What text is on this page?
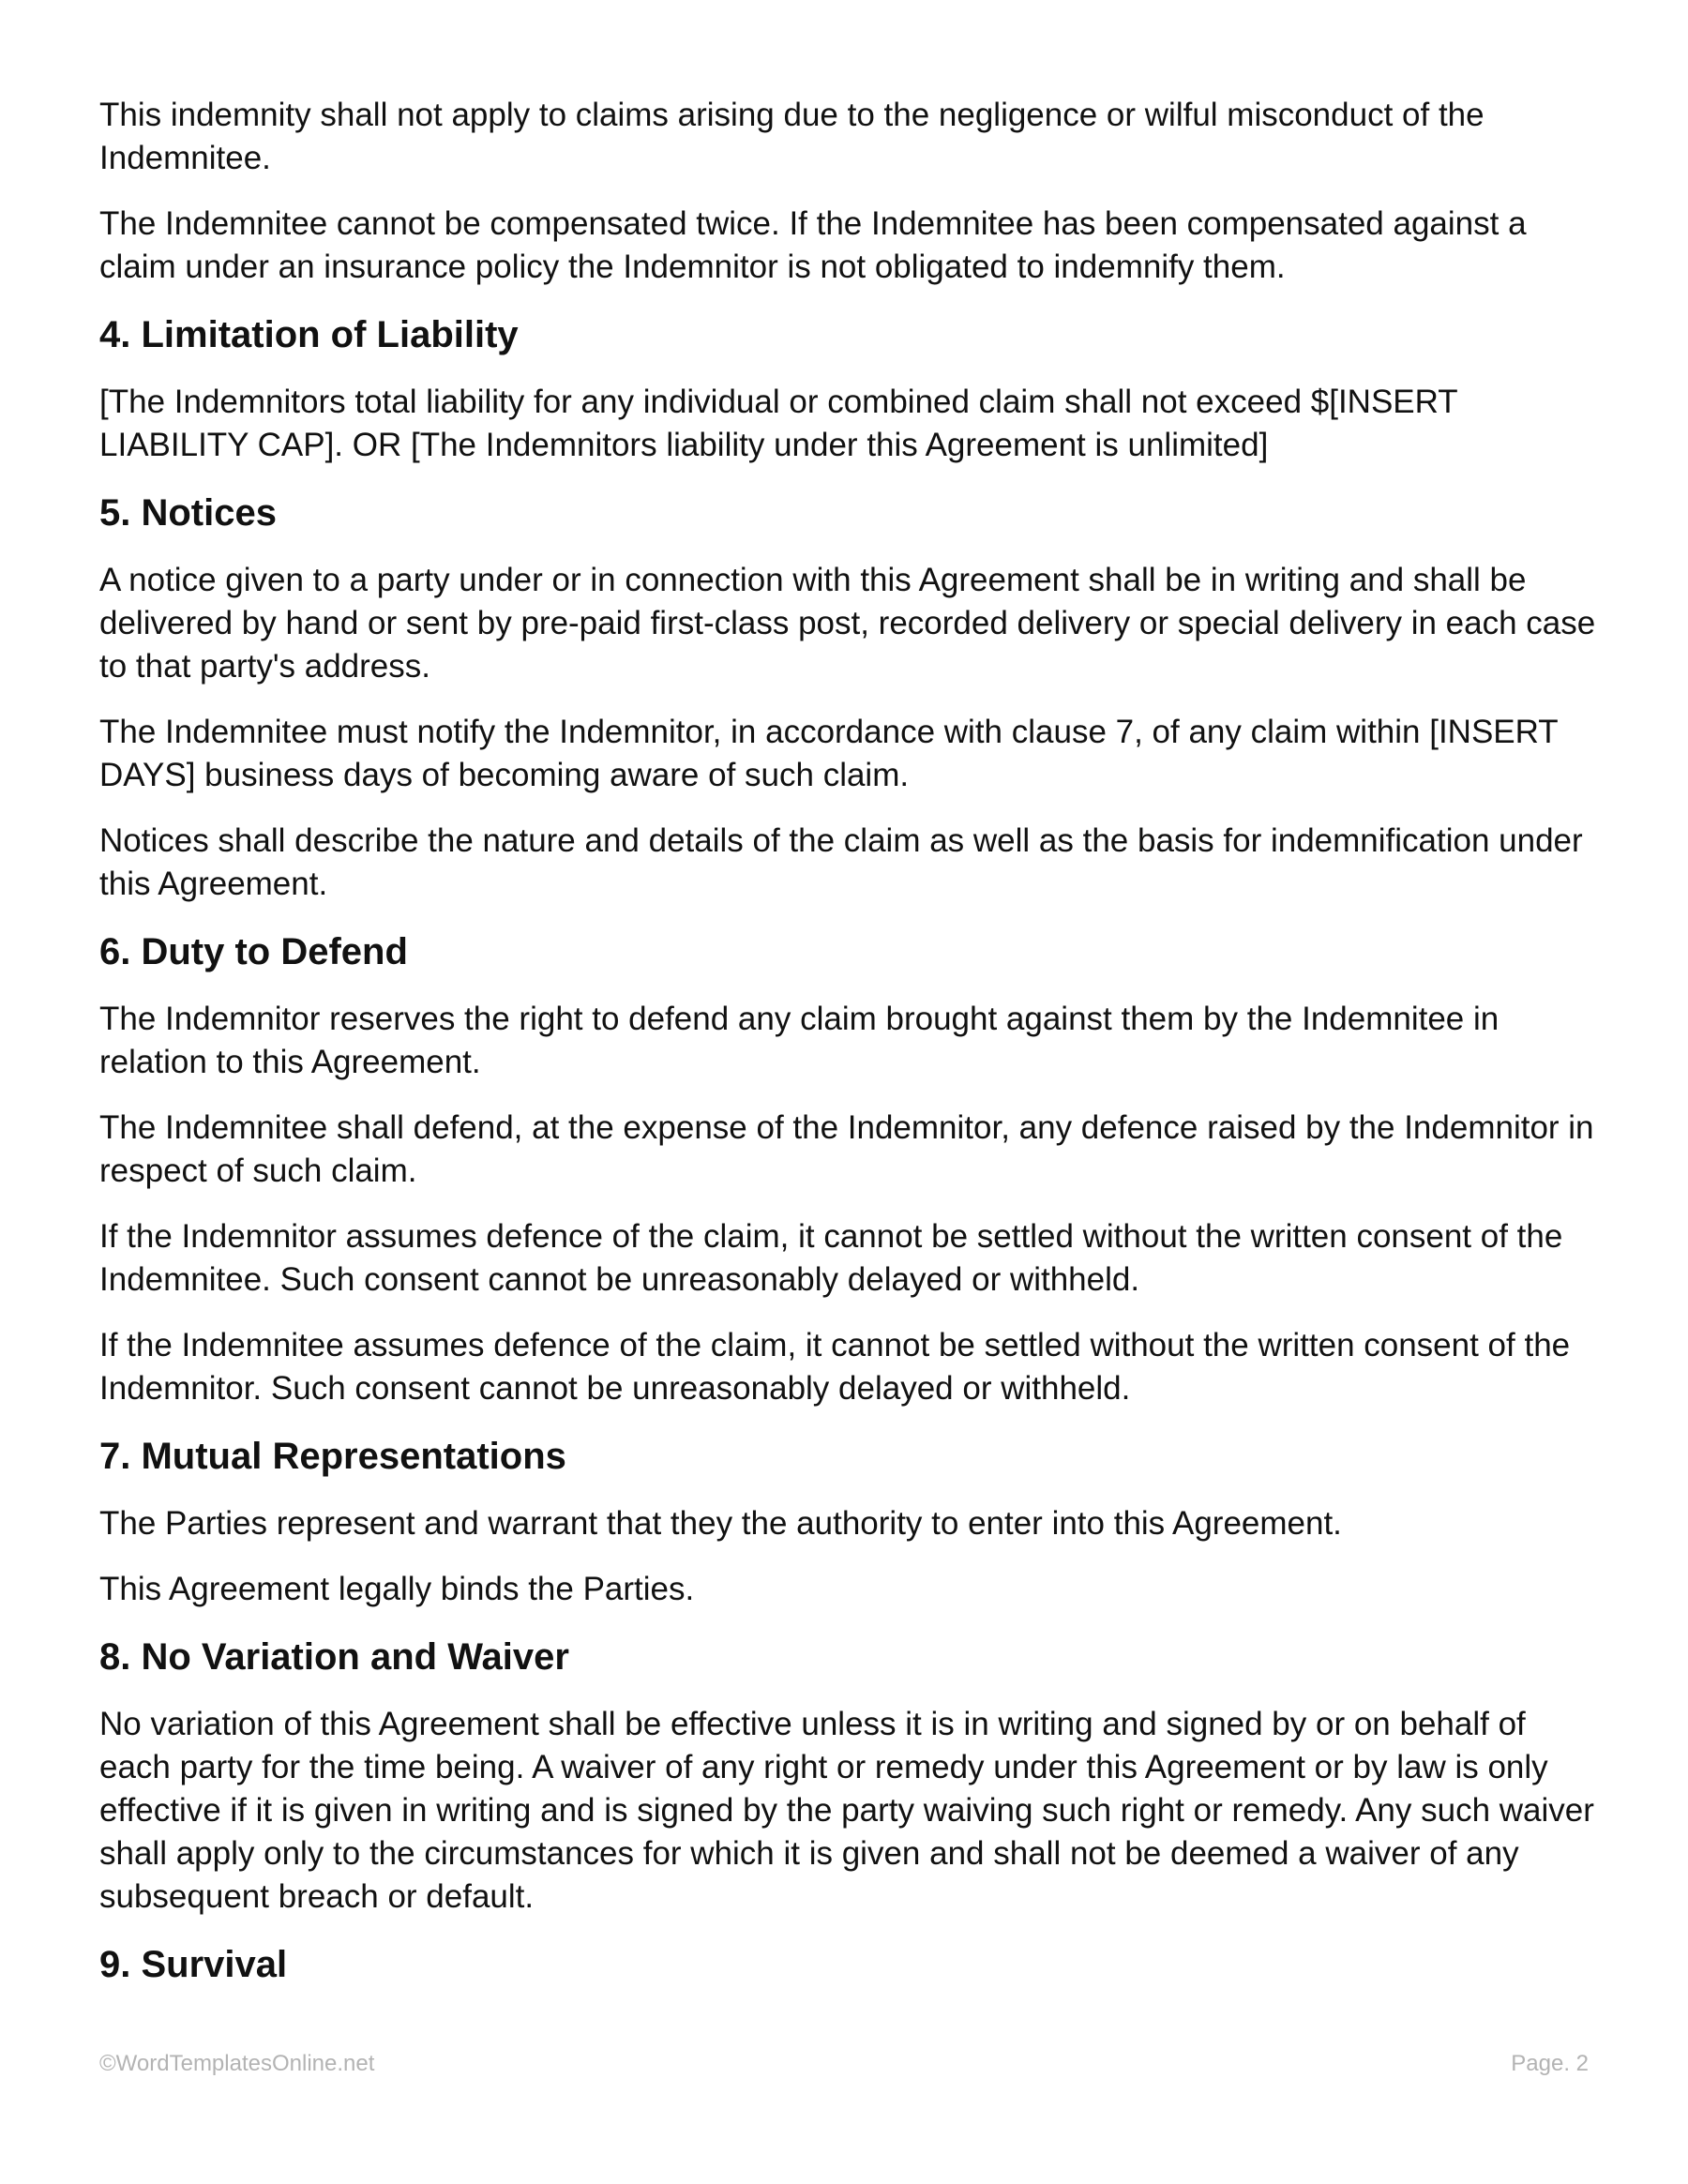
This indemnity shall not apply to claims arising due to the negligence or wilful misconduct of the Indemnitee.

The Indemnitee cannot be compensated twice. If the Indemnitee has been compensated against a claim under an insurance policy the Indemnitor is not obligated to indemnify them.

4. Limitation of Liability

[The Indemnitors total liability for any individual or combined claim shall not exceed $[INSERT LIABILITY CAP]. OR [The Indemnitors liability under this Agreement is unlimited]

5. Notices

A notice given to a party under or in connection with this Agreement shall be in writing and shall be delivered by hand or sent by pre-paid first-class post, recorded delivery or special delivery in each case to that party's address.

The Indemnitee must notify the Indemnitor, in accordance with clause 7, of any claim within [INSERT DAYS] business days of becoming aware of such claim.

Notices shall describe the nature and details of the claim as well as the basis for indemnification under this Agreement.

6. Duty to Defend

The Indemnitor reserves the right to defend any claim brought against them by the Indemnitee in relation to this Agreement.

The Indemnitee shall defend, at the expense of the Indemnitor, any defence raised by the Indemnitor in respect of such claim.

If the Indemnitor assumes defence of the claim, it cannot be settled without the written consent of the Indemnitee. Such consent cannot be unreasonably delayed or withheld.

If the Indemnitee assumes defence of the claim, it cannot be settled without the written consent of the Indemnitor. Such consent cannot be unreasonably delayed or withheld.

7. Mutual Representations

The Parties represent and warrant that they the authority to enter into this Agreement.

This Agreement legally binds the Parties.

8. No Variation and Waiver

No variation of this Agreement shall be effective unless it is in writing and signed by or on behalf of each party for the time being. A waiver of any right or remedy under this Agreement or by law is only effective if it is given in writing and is signed by the party waiving such right or remedy. Any such waiver shall apply only to the circumstances for which it is given and shall not be deemed a waiver of any subsequent breach or default.

9. Survival
©WordTemplatesOnline.net	Page. 2
